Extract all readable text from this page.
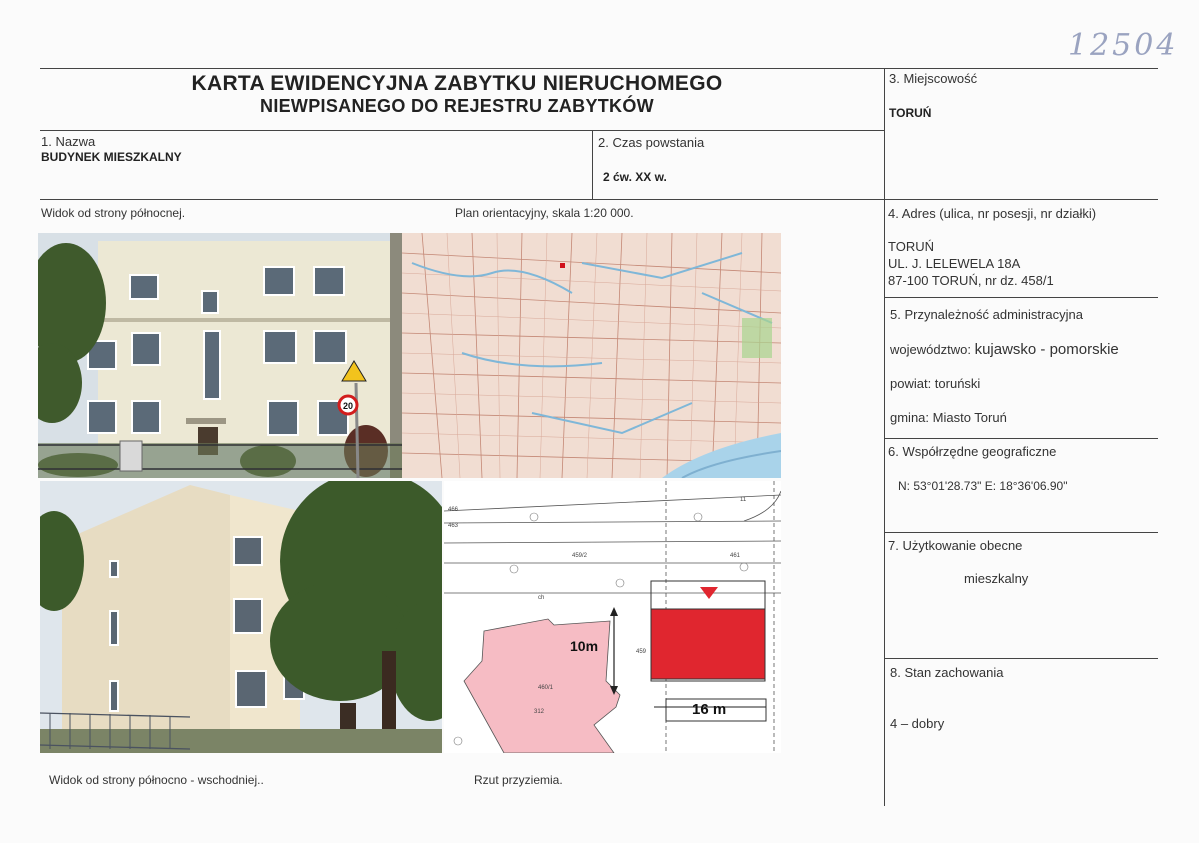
12504
KARTA EWIDENCYJNA ZABYTKU NIERUCHOMEGO
NIEWPISANEGO DO REJESTRU ZABYTKÓW
1. Nazwa
BUDYNEK MIESZKALNY
2. Czas powstania
2 ćw. XX w.
3. Miejscowość
TORUŃ
4. Adres (ulica, nr posesji, nr działki)
TORUŃ
UL. J. LELEWELA 18A
87-100 TORUŃ, nr dz. 458/1
5. Przynależność administracyjna
województwo: kujawsko - pomorskie
powiat: toruński
gmina: Miasto Toruń
6. Współrzędne geograficzne
N: 53°01'28.73" E: 18°36'06.90"
7. Użytkowanie obecne
mieszkalny
8. Stan zachowania
4 – dobry
Widok od strony północnej.	Plan orientacyjny, skala 1:20 000.
Widok od strony północno - wschodniej..	Rzut przyziemia.
20
10m
16 m
459/2	461
459
460/1
312
463
466
11
ch
